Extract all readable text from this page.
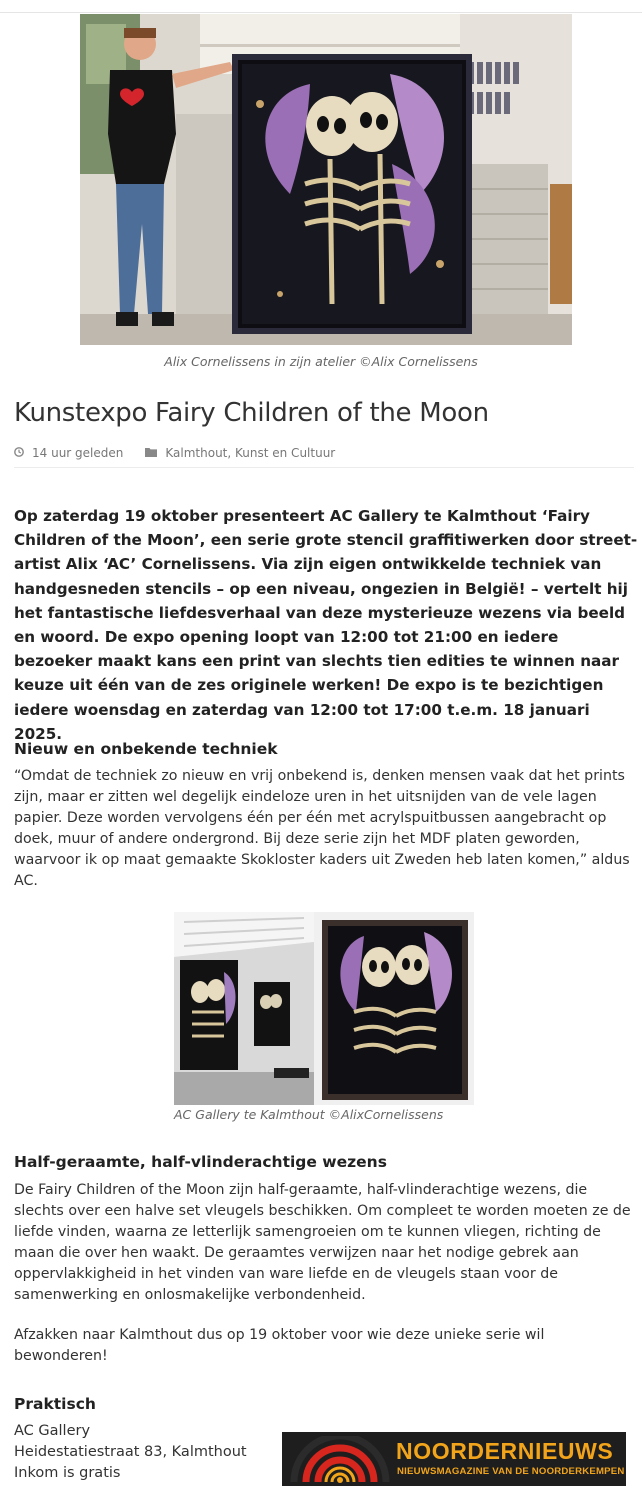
Alix Cornelissens in zijn atelier ©Alix Cornelissens
Kunstexpo Fairy Children of the Moon
14 uur geleden	Kalmthout, Kunst en Cultuur

Op zaterdag 19 oktober presenteert AC Gallery te Kalmthout ‘Fairy Children of the Moon’, een serie grote stencil graffitiwerken door street-artist Alix ‘AC’ Cornelissens. Via zijn eigen ontwikkelde techniek van handgesneden stencils – op een niveau, ongezien in België! – vertelt hij het fantastische liefdesverhaal van deze mysterieuze wezens via beeld en woord. De expo opening loopt van 12:00 tot 21:00 en iedere bezoeker maakt kans een print van slechts tien edities te winnen naar keuze uit één van de zes originele werken! De expo is te bezichtigen iedere woensdag en zaterdag van 12:00 tot 17:00 t.e.m. 18 januari 2025.

Nieuw en onbekende techniek

“Omdat de techniek zo nieuw en vrij onbekend is, denken mensen vaak dat het prints zijn, maar er zitten wel degelijk eindeloze uren in het uitsnijden van de vele lagen papier. Deze worden vervolgens één per één met acrylspuitbussen aangebracht op doek, muur of andere ondergrond. Bij deze serie zijn het MDF platen geworden, waarvoor ik op maat gemaakte Skokloster kaders uit Zweden heb laten komen,” aldus AC.

AC Gallery te Kalmthout ©AlixCornelissens
Half-geraamte, half-vlinderachtige wezens

De Fairy Children of the Moon zijn half-geraamte, half-vlinderachtige wezens, die slechts over een halve set vleugels beschikken. Om compleet te worden moeten ze de liefde vinden, waarna ze letterlijk samengroeien om te kunnen vliegen, richting de maan die over hen waakt. De geraamtes verwijzen naar het nodige gebrek aan oppervlakkigheid in het vinden van ware liefde en de vleugels staan voor de samenwerking en onlosmakelijke verbondenheid.

Afzakken naar Kalmthout dus op 19 oktober voor wie deze unieke serie wil bewonderen!

Praktisch
AC Gallery
Heidestatiestraat 83, Kalmthout
Inkom is gratis
NOORDERNIEUWS
NIEUWSMAGAZINE VAN DE NOORDERKEMPEN
